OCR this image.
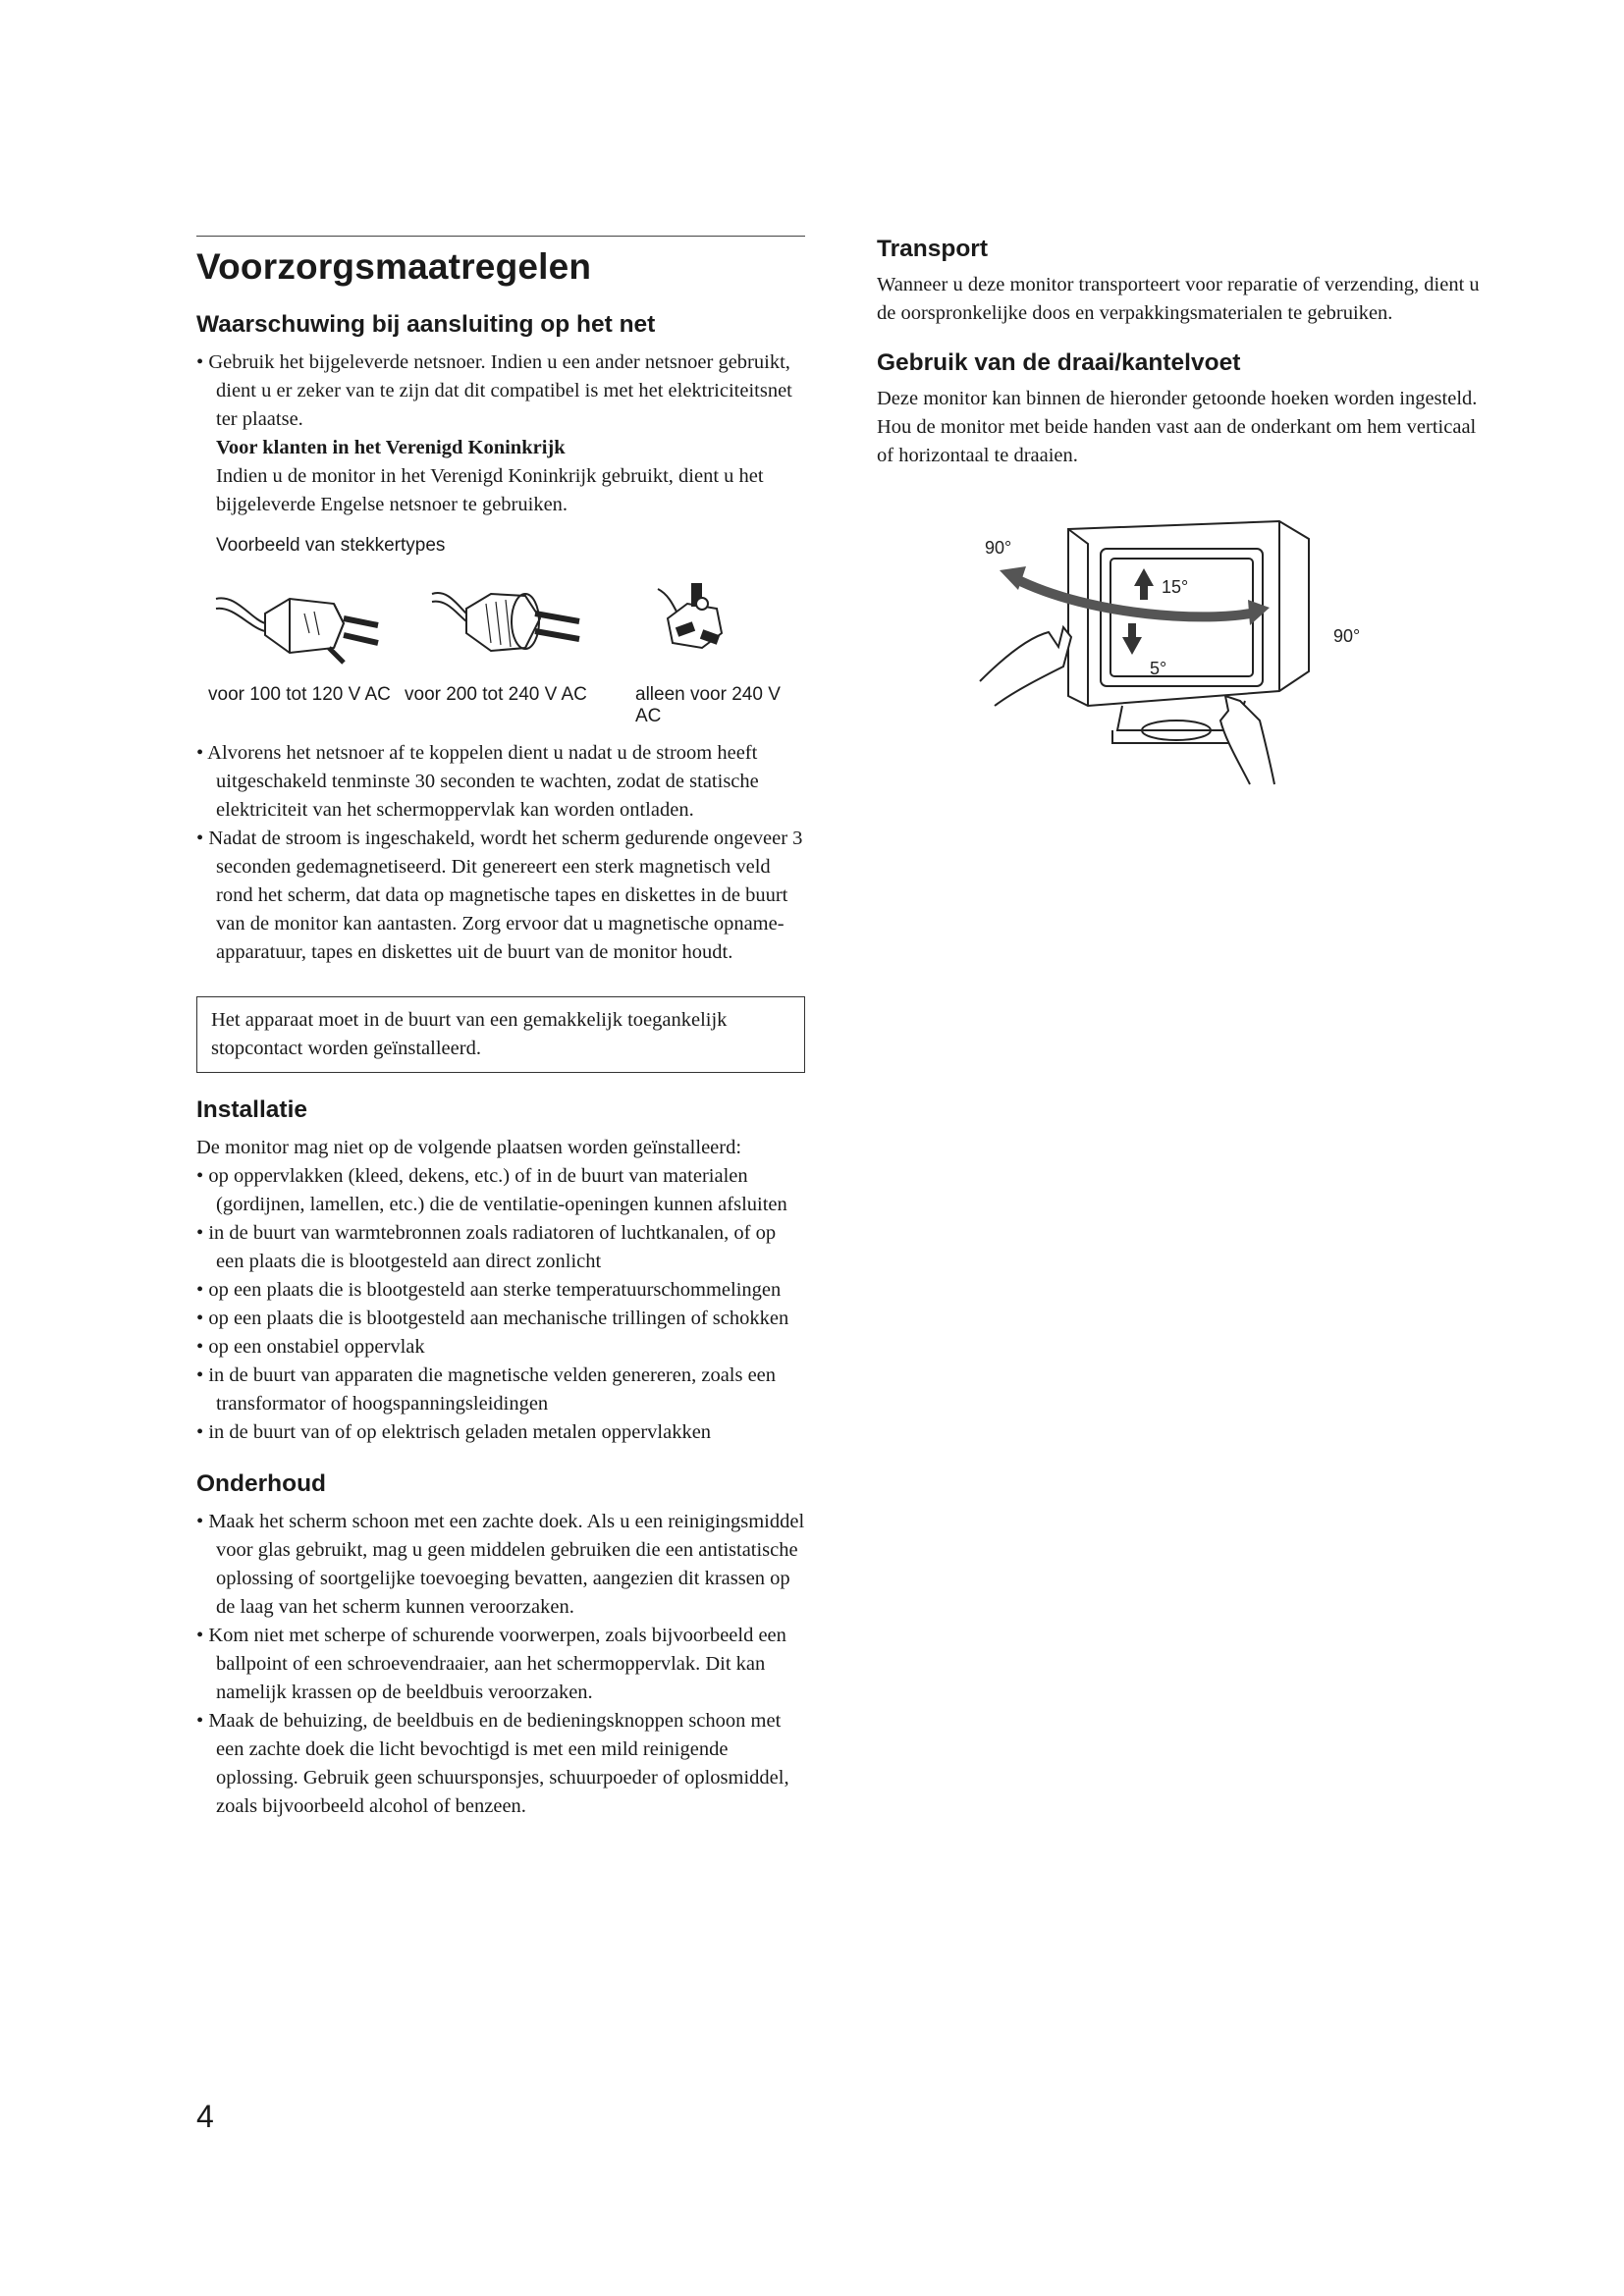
Voorzorgsmaatregelen
Waarschuwing bij aansluiting op het net

• Gebruik het bijgeleverde netsnoer. Indien u een ander netsnoer gebruikt, dient u er zeker van te zijn dat dit compatibel is met het elektriciteitsnet ter plaatse.

Voor klanten in het Verenigd Koninkrijk

Indien u de monitor in het Verenigd Koninkrijk gebruikt, dient u het bijgeleverde Engelse netsnoer te gebruiken.

Voorbeeld van stekkertypes
voor 100 tot 120 V AC voor 200 tot 240 V AC	alleen voor 240 V AC

• Alvorens het netsnoer af te koppelen dient u nadat u de stroom heeft uitgeschakeld tenminste 30 seconden te wachten, zodat de statische elektriciteit van het schermoppervlak kan worden ontladen.

• Nadat de stroom is ingeschakeld, wordt het scherm gedurende ongeveer 3 seconden gedemagnetiseerd. Dit genereert een sterk magnetisch veld rond het scherm, dat data op magnetische tapes en diskettes in de buurt van de monitor kan aantasten. Zorg ervoor dat u magnetische opname-apparatuur, tapes en diskettes uit de buurt van de monitor houdt.

Het apparaat moet in de buurt van een gemakkelijk toegankelijk stopcontact worden geïnstalleerd.
Installatie

De monitor mag niet op de volgende plaatsen worden geïnstalleerd:

• op oppervlakken (kleed, dekens, etc.) of in de buurt van materialen (gordijnen, lamellen, etc.) die de ventilatie-openingen kunnen afsluiten

• in de buurt van warmtebronnen zoals radiatoren of luchtkanalen, of op een plaats die is blootgesteld aan direct zonlicht

• op een plaats die is blootgesteld aan sterke temperatuurschommelingen

• op een plaats die is blootgesteld aan mechanische trillingen of schokken

• op een onstabiel oppervlak

• in de buurt van apparaten die magnetische velden genereren, zoals een transformator of hoogspanningsleidingen

• in de buurt van of op elektrisch geladen metalen oppervlakken

Onderhoud

• Maak het scherm schoon met een zachte doek. Als u een reinigingsmiddel voor glas gebruikt, mag u geen middelen gebruiken die een antistatische oplossing of soortgelijke toevoeging bevatten, aangezien dit krassen op de laag van het scherm kunnen veroorzaken.

• Kom niet met scherpe of schurende voorwerpen, zoals bijvoorbeeld een ballpoint of een schroevendraaier, aan het schermoppervlak. Dit kan namelijk krassen op de beeldbuis veroorzaken.

• Maak de behuizing, de beeldbuis en de bedieningsknoppen schoon met een zachte doek die licht bevochtigd is met een mild reinigende oplossing. Gebruik geen schuursponsjes, schuurpoeder of oplosmiddel, zoals bijvoorbeeld alcohol of benzeen.

Transport

Wanneer u deze monitor transporteert voor reparatie of verzending, dient u de oorspronkelijke doos en verpakkingsmaterialen te gebruiken.

Gebruik van de draai/kantelvoet

Deze monitor kan binnen de hieronder getoonde hoeken worden ingesteld. Hou de monitor met beide handen vast aan de onderkant om hem verticaal of horizontaal te draaien.

90°
90°
15°
5°
4
